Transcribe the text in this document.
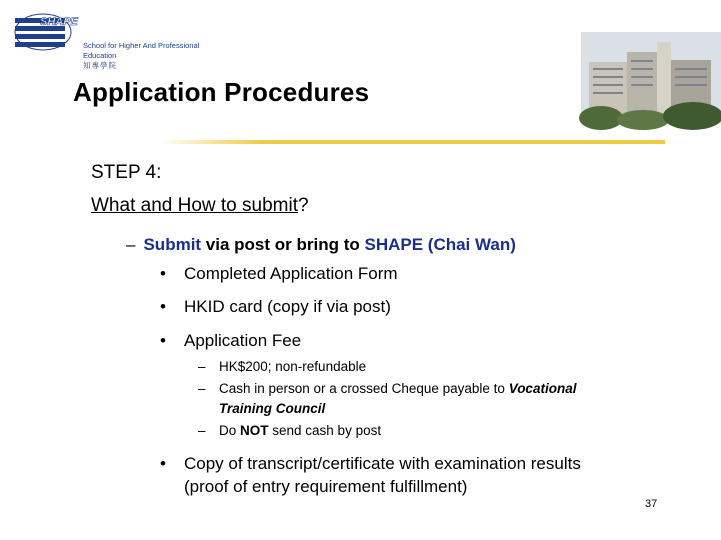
SHAPE
School for Higher And Professional Education
知專學院
Application Procedures
STEP 4:
What and How to submit?
– Submit via post or bring to SHAPE (Chai Wan)
• Completed Application Form
• HKID card (copy if via post)
• Application Fee
– HK$200; non-refundable
– Cash in person or a crossed Cheque payable to Vocational
Training Council
– Do NOT send cash by post
• Copy of transcript/certificate with examination results
(proof of entry requirement fulfillment)
37
